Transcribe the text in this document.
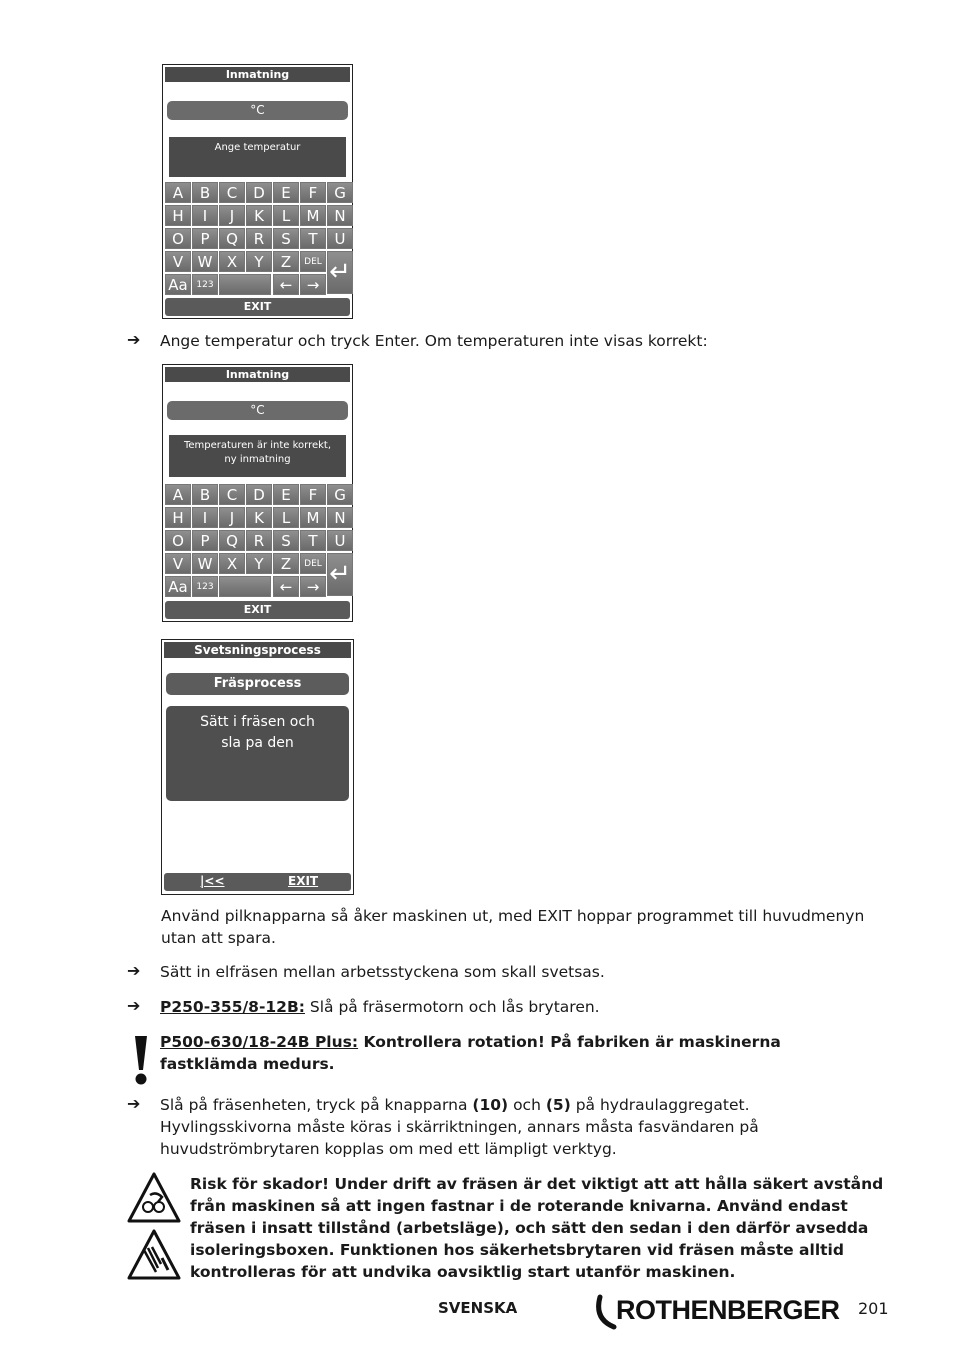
Inmatning
°C
Ange temperatur
A	B	C	D	E	F	G
H	I	J	K	L	M N
O	P	Q	R	S	T	U
V W X	Y	Z	DEL ↵
Aa 123	← →
EXIT
➔ Ange temperatur och tryck Enter. Om temperaturen inte visas korrekt:
Inmatning
°C
Temperaturen är inte korrekt,
ny inmatning
A	B	C	D	E	F	G
H	I	J	K	L	M N
O	P	Q	R	S	T	U
V W X	Y	Z	DEL ↵
Aa 123	← →
EXIT
Svetsningsprocess
Fräsprocess
Sätt i fräsen och
sla pa den
|<<	EXIT
Använd pilknapparna så åker maskinen ut, med EXIT hoppar programmet till huvudmenyn utan att spara.
➔ Sätt in elfräsen mellan arbetsstyckena som skall svetsas.
➔ P250-355/8-12B: Slå på fräsermotorn och lås brytaren.
P500-630/18-24B Plus: Kontrollera rotation! På fabriken är maskinerna fastklämda medurs.
➔ Slå på fräsenheten, tryck på knapparna (10) och (5) på hydraulaggregatet. Hyvlingsskivorna måste köras i skärriktningen, annars måsta fasvändaren på huvudströmbrytaren kopplas om med ett lämpligt verktyg.
Risk för skador! Under drift av fräsen är det viktigt att att hålla säkert avstånd från maskinen så att ingen fastnar i de roterande knivarna. Använd endast fräsen i insatt tillstånd (arbetsläge), och sätt den sedan i den därför avsedda isoleringsboxen. Funktionen hos säkerhetsbrytaren vid fräsen måste alltid kontrolleras för att undvika oavsiktlig start utanför maskinen.
SVENSKA	ROTHENBERGER 201
